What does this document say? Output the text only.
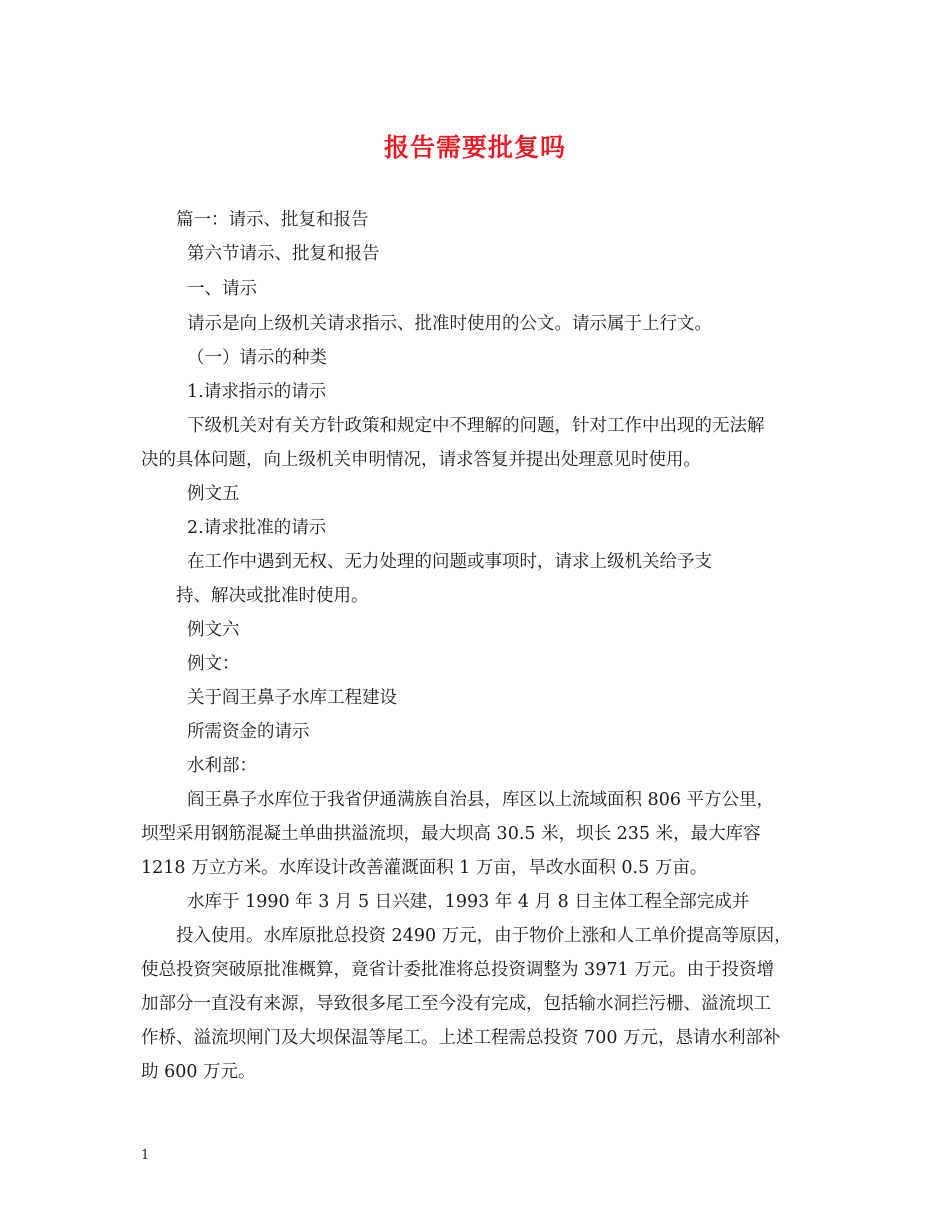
报告需要批复吗

篇一：请示、批复和报告

第六节请示、批复和报告

一、请示

请示是向上级机关请求指示、批准时使用的公文。请示属于上行文。

（一）请示的种类

1.请求指示的请示

下级机关对有关方针政策和规定中不理解的问题，针对工作中出现的无法解

决的具体问题，向上级机关申明情况，请求答复并提出处理意见时使用。

例文五

2.请求批准的请示

在工作中遇到无权、无力处理的问题或事项时，请求上级机关给予支

持、解决或批准时使用。

例文六

例文：

关于阎王鼻子水库工程建设

所需资金的请示

水利部：

阎王鼻子水库位于我省伊通满族自治县，库区以上流域面积 806 平方公里，

坝型采用钢筋混凝土单曲拱溢流坝，最大坝高 30.5 米，坝长 235 米，最大库容

1218 万立方米。水库设计改善灌溉面积 1 万亩，旱改水面积 0.5 万亩。

水库于 1990 年 3 月 5 日兴建，1993 年 4 月 8 日主体工程全部完成并

投入使用。水库原批总投资 2490 万元，由于物价上涨和人工单价提高等原因，

使总投资突破原批准概算，竟省计委批准将总投资调整为 3971 万元。由于投资增

加部分一直没有来源，导致很多尾工至今没有完成，包括输水洞拦污栅、溢流坝工

作桥、溢流坝闸门及大坝保温等尾工。上述工程需总投资 700 万元，恳请水利部补

助 600 万元。

1
